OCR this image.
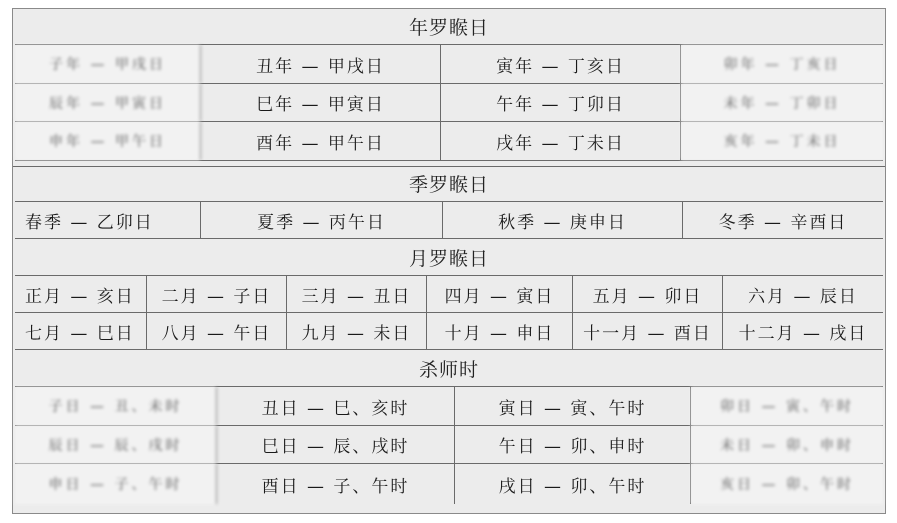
年罗睺日
子年 — 甲戌日	丑年 — 甲戌日	寅年 — 丁亥日	卯年 — 丁亥日
辰年 — 甲寅日	巳年 — 甲寅日	午年 — 丁卯日	未年 — 丁卯日
申年 — 甲午日	酉年 — 甲午日	戌年 — 丁未日	亥年 — 丁未日
季罗睺日
春季 — 乙卯日	夏季 — 丙午日	秋季 — 庚申日	冬季 — 辛酉日
月罗睺日
正月 — 亥日	二月 — 子日	三月 — 丑日	四月 — 寅日	五月 — 卯日	六月 — 辰日
七月 — 巳日	八月 — 午日	九月 — 未日	十月 — 申日	十一月 — 酉日	十二月 — 戌日
杀师时
子日 — 丑、未时	丑日 — 巳、亥时	寅日 — 寅、午时	卯日 — 寅、午时
辰日 — 辰、戌时	巳日 — 辰、戌时	午日 — 卯、申时	未日 — 卯、申时
申日 — 子、午时	酉日 — 子、午时	戌日 — 卯、午时	亥日 — 卯、午时
